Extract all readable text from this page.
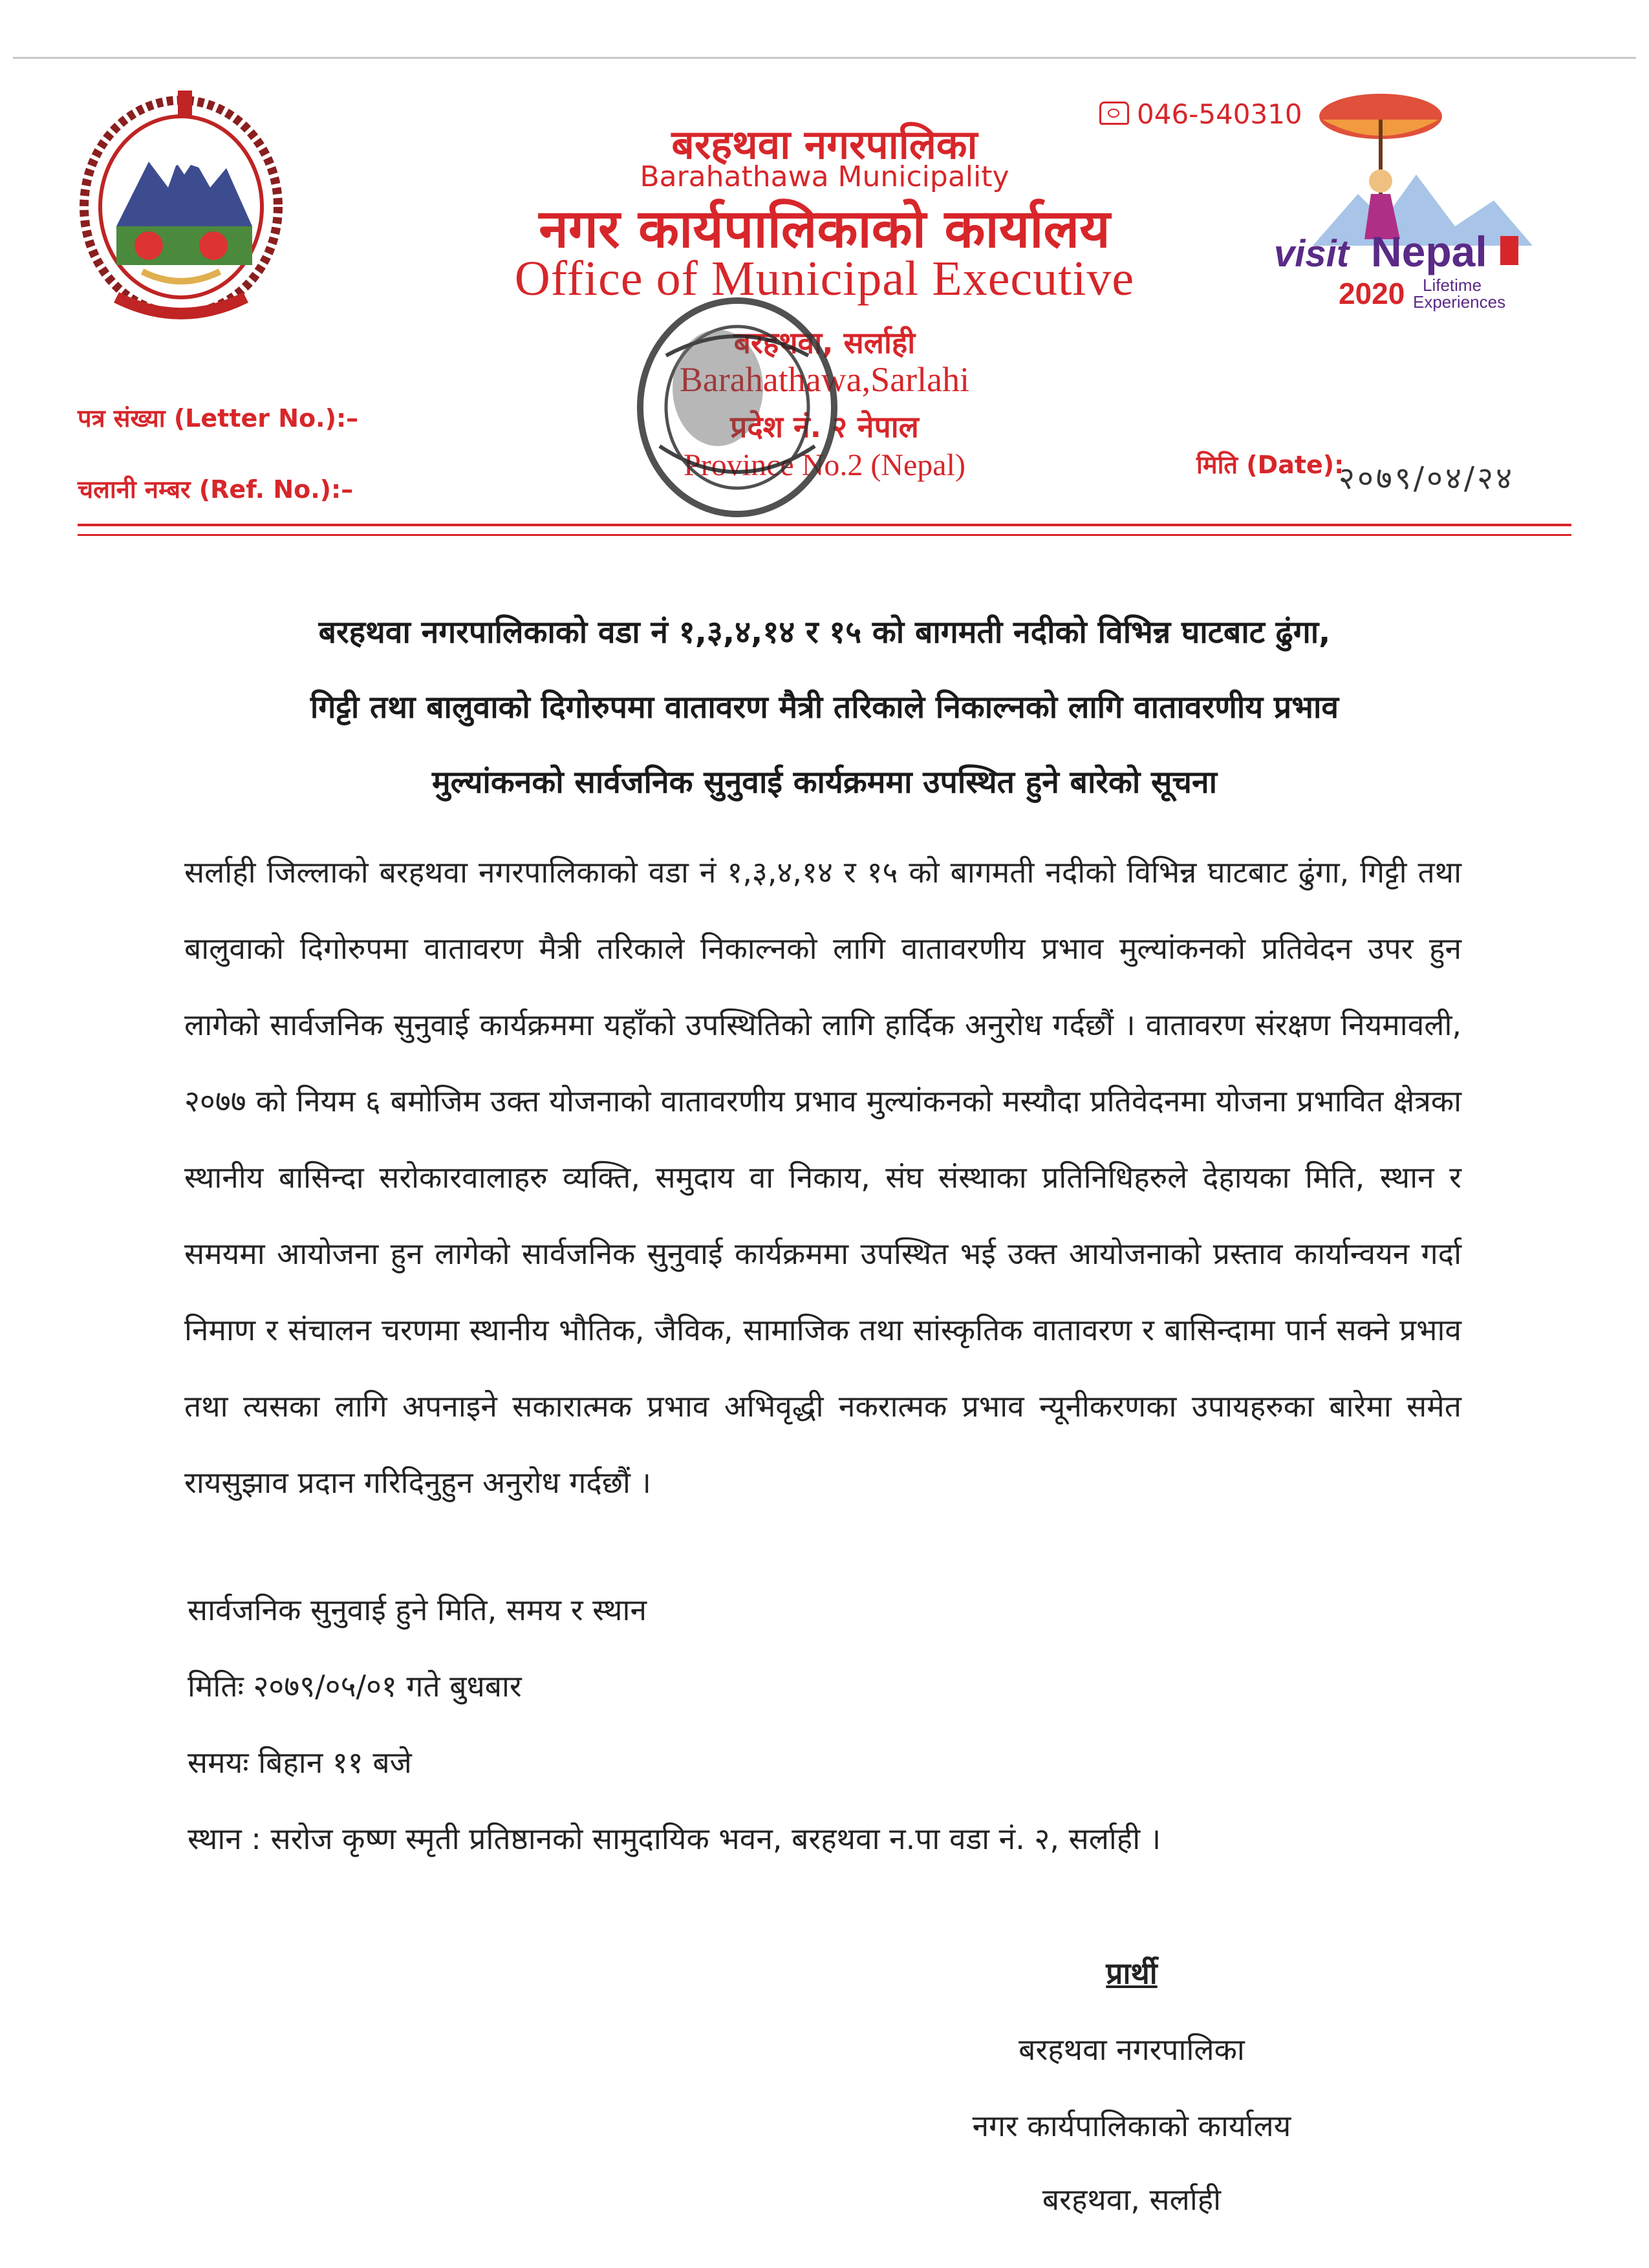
बरहथवा नगरपालिका
Barahathawa Municipality
नगर कार्यपालिकाको कार्यालय
Office of Municipal Executive
बरहथवा, सर्लाही
Barahathawa,Sarlahi
प्रदेश नं. २ नेपाल
Province No.2 (Nepal)
046-540310
visit Nepal
2020 Lifetime
Experiences
पत्र संख्या (Letter No.):–
चलानी नम्बर (Ref. No.):–
मिति (Date):
२०७९/०४/२४
बरहथवा नगरपालिकाको वडा नं १,३,४,१४ र १५ को बागमती नदीको विभिन्न घाटबाट ढुंगा,
गिट्टी तथा बालुवाको दिगोरुपमा वातावरण मैत्री तरिकाले निकाल्नको लागि वातावरणीय प्रभाव
मुल्यांकनको सार्वजनिक सुनुवाई कार्यक्रममा उपस्थित हुने बारेको सूचना
सर्लाही जिल्लाको बरहथवा नगरपालिकाको वडा नं १,३,४,१४ र १५ को बागमती नदीको विभिन्न घाटबाट ढुंगा, गिट्टी तथा बालुवाको दिगोरुपमा वातावरण मैत्री तरिकाले निकाल्नको लागि वातावरणीय प्रभाव मुल्यांकनको प्रतिवेदन उपर हुन लागेको सार्वजनिक सुनुवाई कार्यक्रममा यहाँको उपस्थितिको लागि हार्दिक अनुरोध गर्दछौं । वातावरण संरक्षण नियमावली, २०७७ को नियम ६ बमोजिम उक्त योजनाको वातावरणीय प्रभाव मुल्यांकनको मस्यौदा प्रतिवेदनमा योजना प्रभावित क्षेत्रका स्थानीय बासिन्दा सरोकारवालाहरु व्यक्ति, समुदाय वा निकाय, संघ संस्थाका प्रतिनिधिहरुले देहायका मिति, स्थान र समयमा आयोजना हुन लागेको सार्वजनिक सुनुवाई कार्यक्रममा उपस्थित भई उक्त आयोजनाको प्रस्ताव कार्यान्वयन गर्दा निमाण र संचालन चरणमा स्थानीय भौतिक, जैविक, सामाजिक तथा सांस्कृतिक वातावरण र बासिन्दामा पार्न सक्ने प्रभाव तथा त्यसका लागि अपनाइने सकारात्मक प्रभाव अभिवृद्धी नकरात्मक प्रभाव न्यूनीकरणका उपायहरुका बारेमा समेत रायसुझाव प्रदान गरिदिनुहुन अनुरोध गर्दछौं ।
सार्वजनिक सुनुवाई हुने मिति, समय र स्थान
मितिः २०७९/०५/०१ गते बुधबार
समयः बिहान ११ बजे
स्थान : सरोज कृष्ण स्मृती प्रतिष्ठानको सामुदायिक भवन, बरहथवा न.पा वडा नं. २, सर्लाही ।
प्रार्थी
बरहथवा नगरपालिका
नगर कार्यपालिकाको कार्यालय
बरहथवा, सर्लाही
